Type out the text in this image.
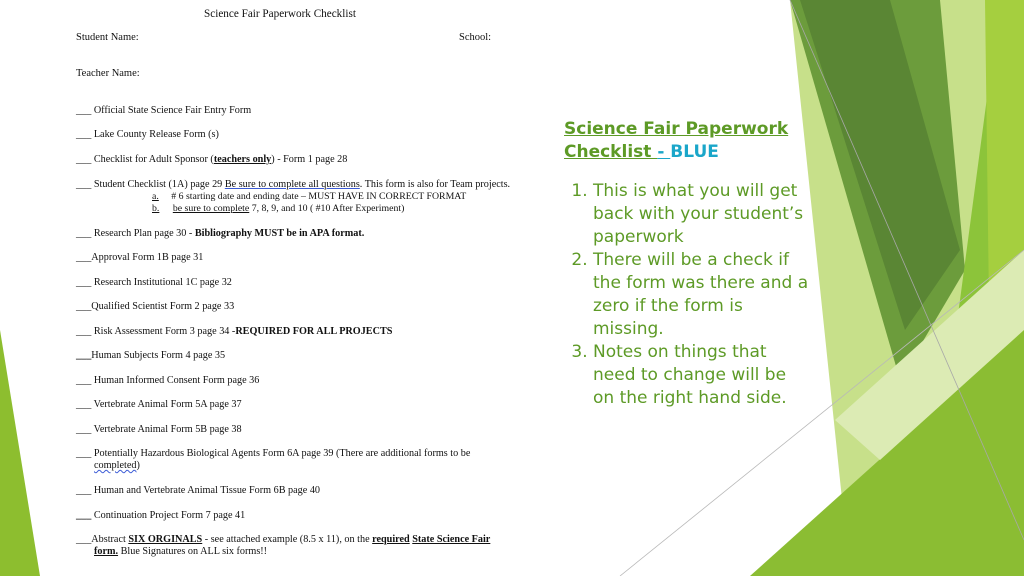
Science Fair Paperwork Checklist
Student Name:	School:
Teacher Name:
___ Official State Science Fair Entry Form
___ Lake County Release Form (s)
___ Checklist for Adult Sponsor (teachers only) - Form 1 page 28
___ Student Checklist (1A) page 29 Be sure to complete all questions. This form is also for Team projects.
a. # 6 starting date and ending date – MUST HAVE IN CORRECT FORMAT
b. be sure to complete 7, 8, 9, and 10 ( #10 After Experiment)
___ Research Plan page 30 - Bibliography MUST be in APA format.
___Approval Form 1B page 31
___ Research Institutional 1C page 32
___Qualified Scientist Form 2 page 33
___ Risk Assessment Form 3 page 34 -REQUIRED FOR ALL PROJECTS
___Human Subjects Form 4 page 35
___ Human Informed Consent Form page 36
___ Vertebrate Animal Form 5A page 37
___ Vertebrate Animal Form 5B page 38
___ Potentially Hazardous Biological Agents Form 6A page 39 (There are additional forms to be
completed)
___ Human and Vertebrate Animal Tissue Form 6B page 40
___ Continuation Project Form 7 page 41
___Abstract SIX ORGINALS - see attached example (8.5 x 11), on the required State Science Fair
form. Blue Signatures on ALL six forms!!
Science Fair Paperwork Checklist - BLUE
1. This is what you will get back with your student’s paperwork
2. There will be a check if the form was there and a zero if the form is missing.
3. Notes on things that need to change will be on the right hand side.
